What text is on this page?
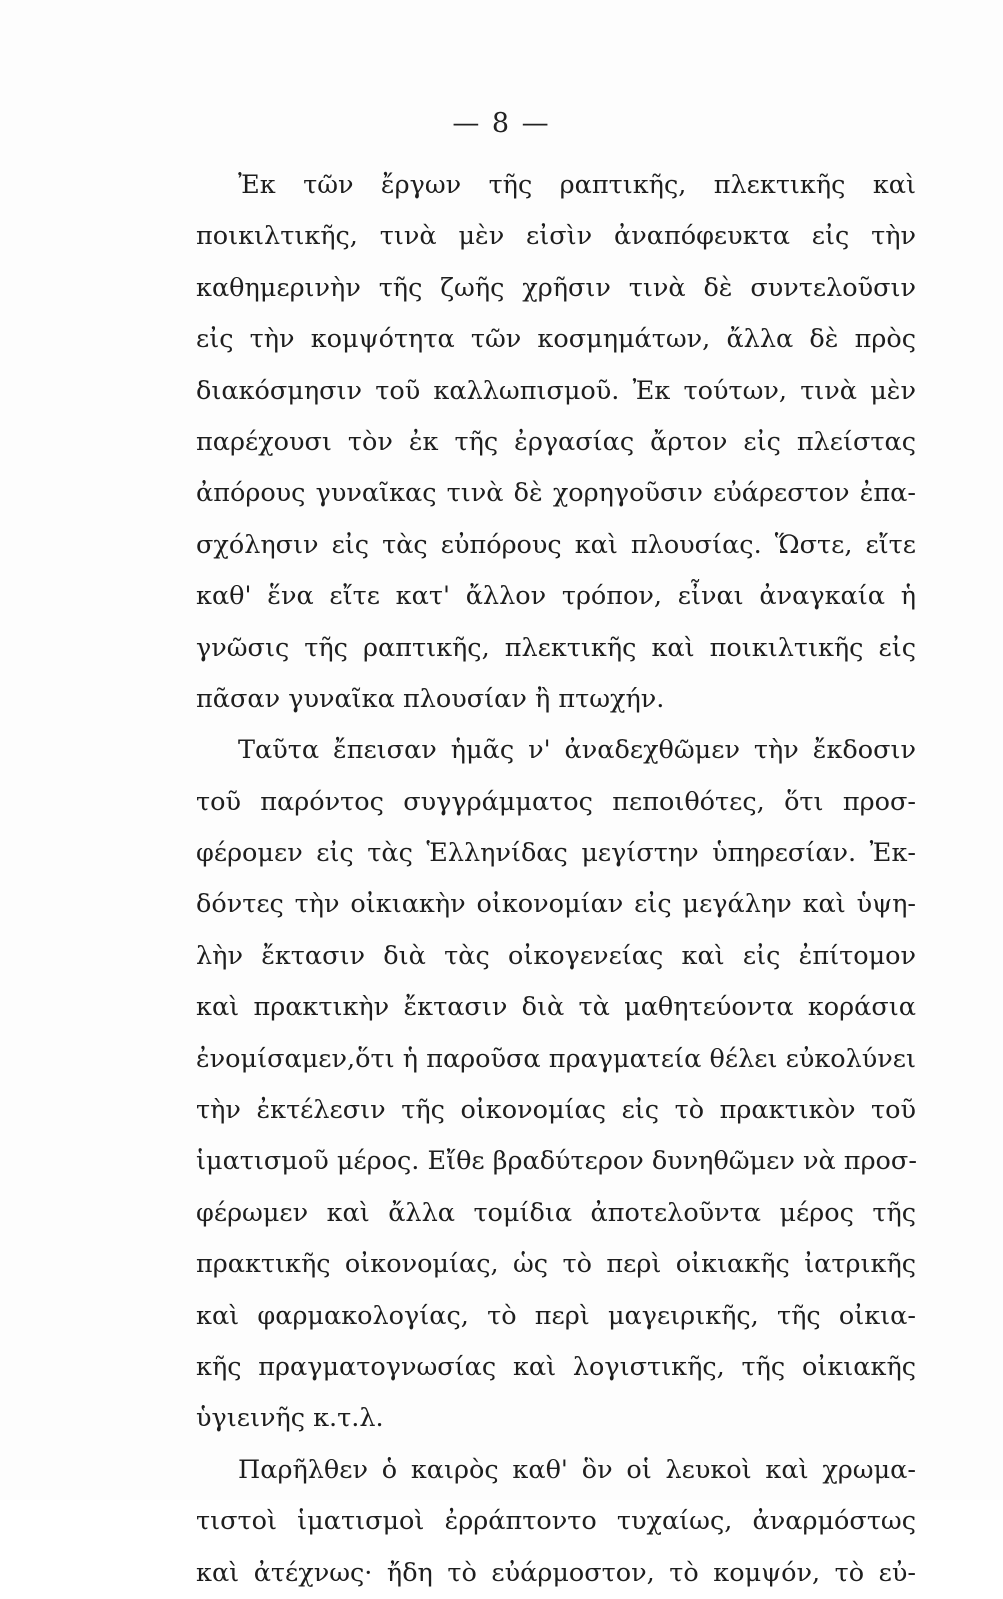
— 8 —
Ἐκ τῶν ἔργων τῆς ραπτικῆς, πλεκτικῆς καὶ
ποικιλτικῆς, τινὰ μὲν εἰσὶν ἀναπόφευκτα εἰς τὴν
καθημερινὴν τῆς ζωῆς χρῆσιν τινὰ δὲ συντελοῦσιν
εἰς τὴν κομψότητα τῶν κοσμημάτων, ἄλλα δὲ πρὸς
διακόσμησιν τοῦ καλλωπισμοῦ. Ἐκ τούτων, τινὰ μὲν
παρέχουσι τὸν ἐκ τῆς ἐργασίας ἄρτον εἰς πλείστας
ἀπόρους γυναῖκας τινὰ δὲ χορηγοῦσιν εὐάρεστον ἐπα-
σχόλησιν εἰς τὰς εὐπόρους καὶ πλουσίας. Ὥστε, εἴτε
καθ' ἕνα εἴτε κατ' ἄλλον τρόπον, εἶναι ἀναγκαία ἡ
γνῶσις τῆς ραπτικῆς, πλεκτικῆς καὶ ποικιλτικῆς εἰς
πᾶσαν γυναῖκα πλουσίαν ἢ πτωχήν.
Ταῦτα ἔπεισαν ἡμᾶς ν' ἀναδεχθῶμεν τὴν ἔκδοσιν
τοῦ παρόντος συγγράμματος πεποιθότες, ὅτι προσ-
φέρομεν εἰς τὰς Ἑλληνίδας μεγίστην ὑπηρεσίαν. Ἐκ-
δόντες τὴν οἰκιακὴν οἰκονομίαν εἰς μεγάλην καὶ ὑψη-
λὴν ἔκτασιν διὰ τὰς οἰκογενείας καὶ εἰς ἐπίτομον
καὶ πρακτικὴν ἔκτασιν διὰ τὰ μαθητεύοντα κοράσια
ἐνομίσαμεν,ὅτι ἡ παροῦσα πραγματεία θέλει εὐκολύνει
τὴν ἐκτέλεσιν τῆς οἰκονομίας εἰς τὸ πρακτικὸν τοῦ
ἱματισμοῦ μέρος. Εἴθε βραδύτερον δυνηθῶμεν νὰ προσ-
φέρωμεν καὶ ἄλλα τομίδια ἀποτελοῦντα μέρος τῆς
πρακτικῆς οἰκονομίας, ὡς τὸ περὶ οἰκιακῆς ἰατρικῆς
καὶ φαρμακολογίας, τὸ περὶ μαγειρικῆς, τῆς οἰκια-
κῆς πραγματογνωσίας καὶ λογιστικῆς, τῆς οἰκιακῆς
ὑγιεινῆς κ.τ.λ.
Παρῆλθεν ὁ καιρὸς καθ' ὃν οἱ λευκοὶ καὶ χρωμα-
τιστοὶ ἱματισμοὶ ἐρράπτοντο τυχαίως, ἀναρμόστως
καὶ ἀτέχνως· ἤδη τὸ εὐάρμοστον, τὸ κομψόν, τὸ εὐ-
